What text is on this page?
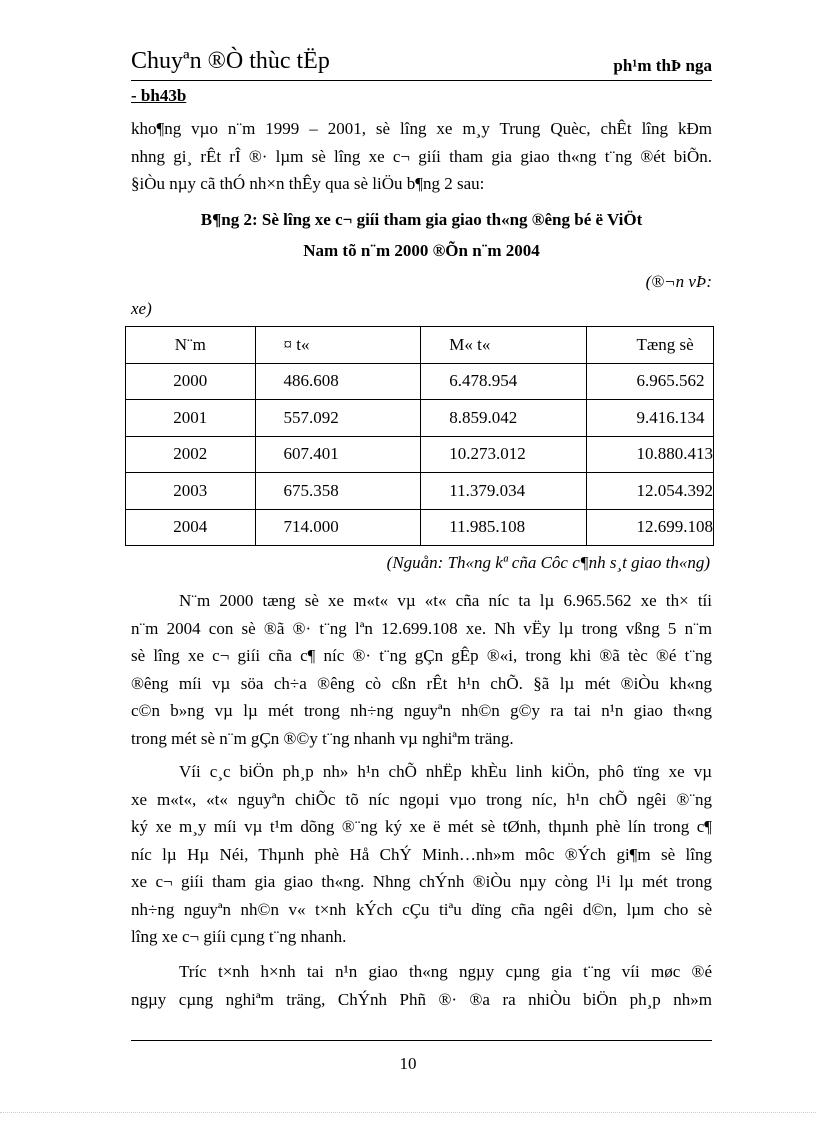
Chuyªn ®Ò thùc tËp	ph¹m thÞ nga
- bh43b
kho¶ng vµo n¨m 1999 – 2001, sè lîng xe m¸y Trung Quèc, chÊt lîng kÐm
nhng gi¸ rÊt rÎ ®· lµm sè lîng xe c¬ giíi tham gia giao th«ng t¨ng ®ét biÕn.
§iÒu nµy cã thÓ nh×n thÊy qua sè liÖu b¶ng 2 sau:
B¶ng 2: Sè lîng xe c¬ giíi tham gia giao th«ng ®êng bé ë ViÖt
Nam tõ n¨m 2000 ®Õn n¨m 2004
(®¬n vÞ:
xe)
N¨m	¤ t«	M« t«	Tæng sè
2000	486.608	6.478.954	6.965.562
2001	557.092	8.859.042	9.416.134
2002	607.401	10.273.012	10.880.413
2003	675.358	11.379.034	12.054.392
2004	714.000	11.985.108	12.699.108
(Nguån: Th«ng kª cña Côc c¶nh s¸t giao th«ng)
N¨m 2000 tæng sè xe m«t« vµ «t« cña níc ta lµ 6.965.562 xe th× tíi
n¨m 2004 con sè ®ã ®· t¨ng lªn 12.699.108 xe. Nh vËy lµ trong vßng 5 n¨m
sè lîng xe c¬ giíi cña c¶ níc ®· t¨ng gÇn gÊp ®«i, trong khi ®ã tèc ®é t¨ng
®êng míi vµ söa ch÷a ®êng cò cßn rÊt h¹n chÕ. §ã lµ mét ®iÒu kh«ng
c©n b»ng vµ lµ mét trong nh÷ng nguyªn nh©n g©y ra tai n¹n giao th«ng
trong mét sè n¨m gÇn ®©y t¨ng nhanh vµ nghiªm träng.
Víi c¸c biÖn ph¸p nh» h¹n chÕ nhËp khÈu linh kiÖn, phô tïng xe vµ
xe m«t«, «t« nguyªn chiÕc tõ níc ngoµi vµo trong níc, h¹n chÕ ngêi ®¨ng
ký xe m¸y míi vµ t¹m dõng ®¨ng ký xe ë mét sè tØnh, thµnh phè lín trong c¶
níc lµ Hµ Néi, Thµnh phè Hå ChÝ Minh…nh»m môc ®Ých gi¶m sè lîng
xe c¬ giíi tham gia giao th«ng. Nhng chÝnh ®iÒu nµy còng l¹i lµ mét trong
nh÷ng nguyªn nh©n v« t×nh kÝch cÇu tiªu dïng cña ngêi d©n, lµm cho sè
lîng xe c¬ giíi cµng t¨ng nhanh.
Tríc t×nh h×nh tai n¹n giao th«ng ngµy cµng gia t¨ng víi møc ®é
ngµy cµng nghiªm träng, ChÝnh Phñ ®· ®a ra nhiÒu biÖn ph¸p nh»m
10
